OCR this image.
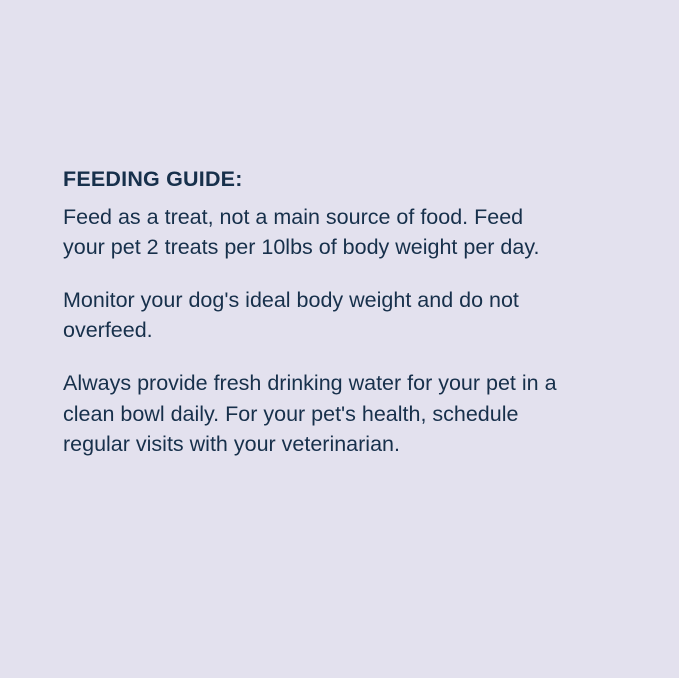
FEEDING GUIDE:

Feed as a treat, not a main source of food. Feed your pet 2 treats per 10lbs of body weight per day.

Monitor your dog's ideal body weight and do not overfeed.

Always provide fresh drinking water for your pet in a clean bowl daily. For your pet's health, schedule regular visits with your veterinarian.
